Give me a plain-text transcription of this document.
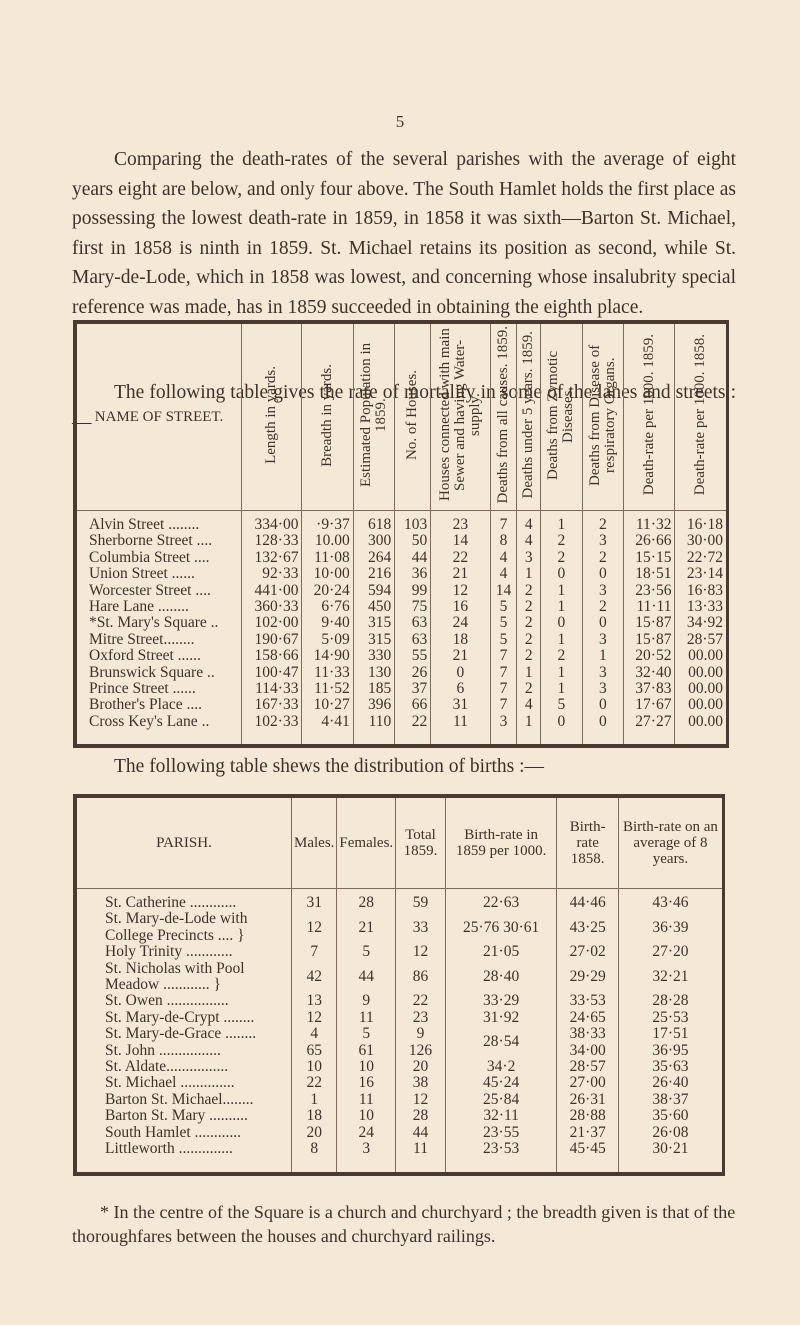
5

Comparing the death-rates of the several parishes with the average of eight years eight are below, and only four above. The South Hamlet holds the first place as possessing the lowest death-rate in 1859, in 1858 it was sixth—Barton St. Michael, first in 1858 is ninth in 1859. St. Michael retains its position as second, while St. Mary-de-Lode, which in 1858 was lowest, and concerning whose insalubrity special reference was made, has in 1859 succeeded in obtaining the eighth place.

The following table gives the rate of mortality in some of the lanes and streets :— NAME OF STREET.	Length in yards.	Breadth in yards.	Estimated Population in 1859.	No. of Houses.	Houses connected with main Sewer and having Water-supply.	Deaths from all causes. 1859.	Deaths under 5 years. 1859.	Deaths from Zymotic Diseases.	Deaths from Disease of respiratory Organs.	Death-rate per 1000. 1859.	Death-rate per 1000. 1858.
Alvin Street ........	334·00	·9·37	618	103	23	7	4	1	2	11·32	16·18
Sherborne Street ....	128·33	10.00	300	50	14	8	4	2	3	26·66	30·00
Columbia Street ....	132·67	11·08	264	44	22	4	3	2	2	15·15	22·72
Union Street ......	92·33	10·00	216	36	21	4	1	0	0	18·51	23·14
Worcester Street ....	441·00	20·24	594	99	12	14	2	1	3	23·56	16·83
Hare Lane ........	360·33	6·76	450	75	16	5	2	1	2	11·11	13·33
*St. Mary's Square ..	102·00	9·40	315	63	24	5	2	0	0	15·87	34·92
Mitre Street........	190·67	5·09	315	63	18	5	2	1	3	15·87	28·57
Oxford Street ......	158·66	14·90	330	55	21	7	2	2	1	20·52	00.00
Brunswick Square ..	100·47	11·33	130	26	0	7	1	1	3	32·40	00.00
Prince Street ......	114·33	11·52	185	37	6	7	2	1	3	37·83	00.00
Brother's Place ....	167·33	10·27	396	66	31	7	4	5	0	17·67	00.00
Cross Key's Lane ..	102·33	4·41	110	22	11	3	1	0	0	27·27	00.00

The following table shews the distribution of births :—

PARISH.	Males.	Females.	Total 1859.	Birth-rate in 1859 per 1000.	Birth-rate 1858.	Birth-rate on an average of 8 years.
St. Catherine ............	31	28	59	22·63	44·46	43·46
St. Mary-de-Lode with College Precincts .... }	12	21	33	25·76 30·61	43·25	36·39
Holy Trinity ............	7	5	12	21·05	27·02	27·20
St. Nicholas with Pool Meadow ............ }	42	44	86	28·40	29·29	32·21
St. Owen ................	13	9	22	33·29	33·53	28·28
St. Mary-de-Crypt ........	12	11	23	31·92	24·65	25·53
St. Mary-de-Grace ........	4	5	9	28·54	38·33	17·51
St. John ................	65	61	126		34·00	36·95
St. Aldate................	10	10	20	34·2	28·57	35·63
St. Michael ..............	22	16	38	45·24	27·00	26·40
Barton St. Michael........	1	11	12	25·84	26·31	38·37
Barton St. Mary ..........	18	10	28	32·11	28·88	35·60
South Hamlet ............	20	24	44	23·55	21·37	26·08
Littleworth ..............	8	3	11	23·53	45·45	30·21

* In the centre of the Square is a church and churchyard ; the breadth given is that of the thoroughfares between the houses and churchyard railings.
